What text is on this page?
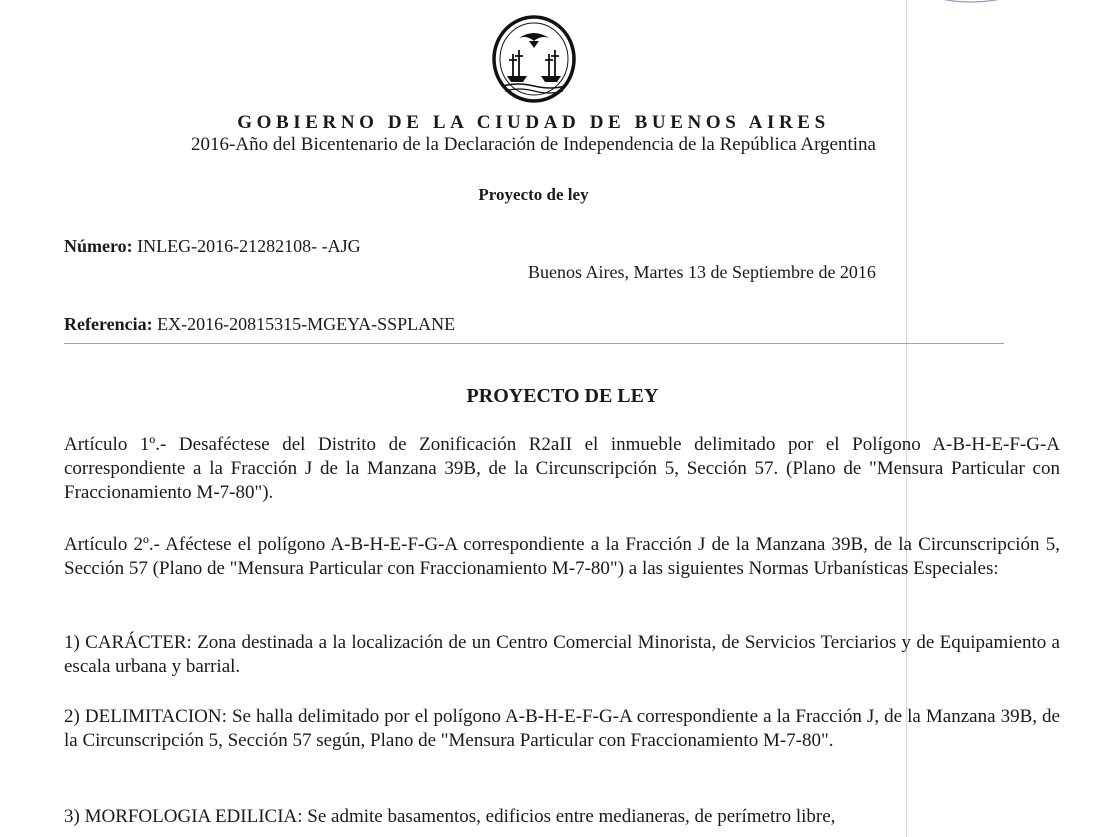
GOBIERNO DE LA CIUDAD DE BUENOS AIRES
2016-Año del Bicentenario de la Declaración de Independencia de la República Argentina
Proyecto de ley
Número: INLEG-2016-21282108- -AJG
Buenos Aires, Martes 13 de Septiembre de 2016
Referencia: EX-2016-20815315-MGEYA-SSPLANE
PROYECTO DE LEY
Artículo 1º.- Desaféctese del Distrito de Zonificación R2aII el inmueble delimitado por el Polígono A-B-H-E-F-G-A correspondiente a la Fracción J de la Manzana 39B, de la Circunscripción 5, Sección 57. (Plano de "Mensura Particular con Fraccionamiento M-7-80").
Artículo 2º.- Aféctese el polígono A-B-H-E-F-G-A correspondiente a la Fracción J de la Manzana 39B, de la Circunscripción 5, Sección 57 (Plano de "Mensura Particular con Fraccionamiento M-7-80") a las siguientes Normas Urbanísticas Especiales:
1) CARÁCTER: Zona destinada a la localización de un Centro Comercial Minorista, de Servicios Terciarios y de Equipamiento a escala urbana y barrial.
2) DELIMITACION: Se halla delimitado por el polígono A-B-H-E-F-G-A correspondiente a la Fracción J, de la Manzana 39B, de la Circunscripción 5, Sección 57 según, Plano de "Mensura Particular con Fraccionamiento M-7-80".
3) MORFOLOGIA EDILICIA: Se admite basamentos, edificios entre medianeras, de perímetro libre,
